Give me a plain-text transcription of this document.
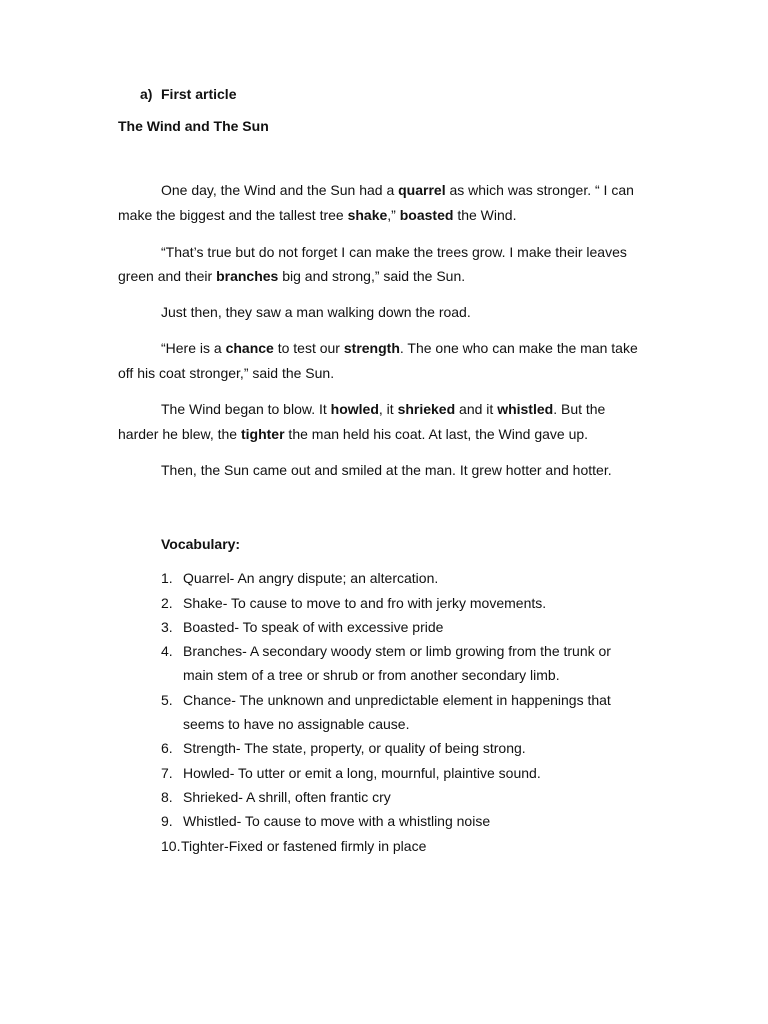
a) First article
The Wind and The Sun
One day, the Wind and the Sun had a quarrel as which was stronger. “ I can
make the biggest and the tallest tree shake,” boasted the Wind.
“That’s true but do not forget I can make the trees grow. I make their leaves
green and their branches big and strong,” said the Sun.
Just then, they saw a man walking down the road.
“Here is a chance to test our strength. The one who can make the man take
off his coat stronger,” said the Sun.
The Wind began to blow. It howled, it shrieked and it whistled. But the
harder he blew, the tighter the man held his coat. At last, the Wind gave up.
Then, the Sun came out and smiled at the man. It grew hotter and hotter.
Vocabulary:
1. Quarrel- An angry dispute; an altercation.
2. Shake- To cause to move to and fro with jerky movements.
3. Boasted- To speak of with excessive pride
4. Branches- A secondary woody stem or limb growing from the trunk or
main stem of a tree or shrub or from another secondary limb.
5. Chance- The unknown and unpredictable element in happenings that
seems to have no assignable cause.
6. Strength- The state, property, or quality of being strong.
7. Howled- To utter or emit a long, mournful, plaintive sound.
8. Shrieked- A shrill, often frantic cry
9. Whistled- To cause to move with a whistling noise
10.Tighter-Fixed or fastened firmly in place
